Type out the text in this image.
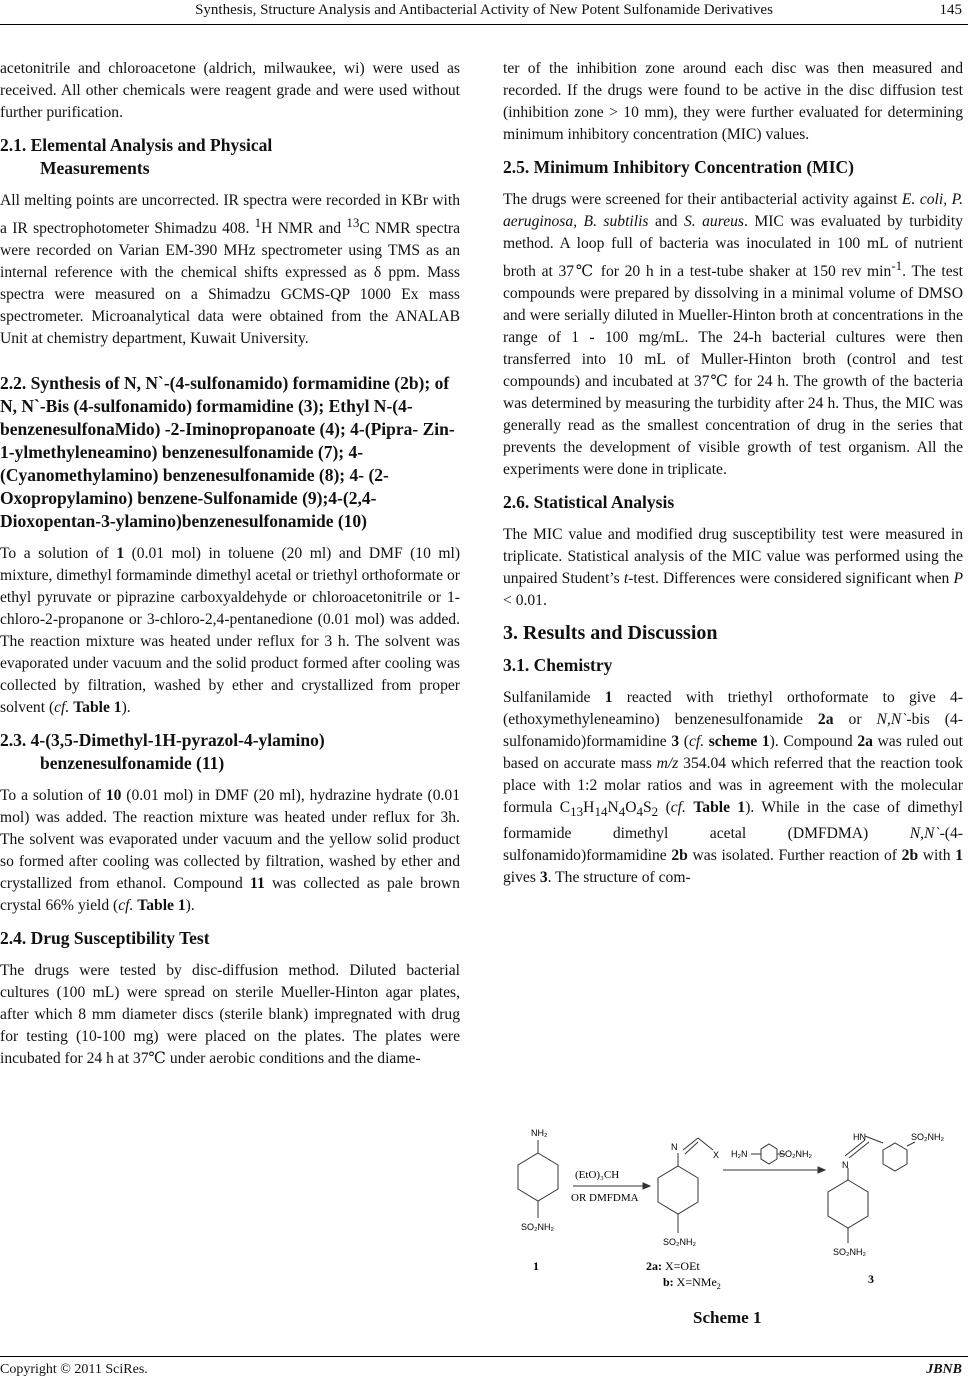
Synthesis, Structure Analysis and Antibacterial Activity of New Potent Sulfonamide Derivatives	145

acetonitrile and chloroacetone (aldrich, milwaukee, wi) were used as received. All other chemicals were reagent grade and were used without further purification.

2.1. Elemental Analysis and Physical
Measurements

All melting points are uncorrected. IR spectra were recorded in KBr with a IR spectrophotometer Shimadzu 408. $^1$H NMR and $^{13}$C NMR spectra were recorded on Varian EM-390 MHz spectrometer using TMS as an internal reference with the chemical shifts expressed as δ ppm. Mass spectra were measured on a Shimadzu GCMS-QP 1000 Ex mass spectrometer. Microanalytical data were obtained from the ANALAB Unit at chemistry department, Kuwait University.

2.2. Synthesis of N, N`-(4-sulfonamido) formamidine (2b); of N, N`-Bis (4-sulfonamido) formamidine (3); Ethyl N-(4-benzenesulfonaMido) -2-Iminopropanoate (4); 4-(Pipra- Zin-1-ylmethyleneamino) benzenesulfonamide (7); 4-(Cyanomethylamino) benzenesulfonamide (8); 4- (2-Oxopropylamino) benzene-Sulfonamide (9);4-(2,4-Dioxopentan-3-ylamino)benzenesulfonamide (10)

To a solution of 1 (0.01 mol) in toluene (20 ml) and DMF (10 ml) mixture, dimethyl formaminde dimethyl acetal or triethyl orthoformate or ethyl pyruvate or piprazine carboxyaldehyde or chloroacetonitrile or 1-chloro-2-propanone or 3-chloro-2,4-pentanedione (0.01 mol) was added. The reaction mixture was heated under reflux for 3 h. The solvent was evaporated under vacuum and the solid product formed after cooling was collected by filtration, washed by ether and crystallized from proper solvent (cf. Table 1).

2.3. 4-(3,5-Dimethyl-1H-pyrazol-4-ylamino)
benzenesulfonamide (11)

To a solution of 10 (0.01 mol) in DMF (20 ml), hydrazine hydrate (0.01 mol) was added. The reaction mixture was heated under reflux for 3h. The solvent was evaporated under vacuum and the yellow solid product so formed after cooling was collected by filtration, washed by ether and crystallized from ethanol. Compound 11 was collected as pale brown crystal 66% yield (cf. Table 1).

2.4. Drug Susceptibility Test

The drugs were tested by disc-diffusion method. Diluted bacterial cultures (100 mL) were spread on sterile Mueller-Hinton agar plates, after which 8 mm diameter discs (sterile blank) impregnated with drug for testing (10-100 mg) were placed on the plates. The plates were incubated for 24 h at 37℃ under aerobic conditions and the diame-

ter of the inhibition zone around each disc was then measured and recorded. If the drugs were found to be active in the disc diffusion test (inhibition zone > 10 mm), they were further evaluated for determining minimum inhibitory concentration (MIC) values.

2.5. Minimum Inhibitory Concentration (MIC)

The drugs were screened for their antibacterial activity against E. coli, P. aeruginosa, B. subtilis and S. aureus. MIC was evaluated by turbidity method. A loop full of bacteria was inoculated in 100 mL of nutrient broth at 37℃ for 20 h in a test-tube shaker at 150 rev $\min^{-1}$. The test compounds were prepared by dissolving in a minimal volume of DMSO and were serially diluted in Mueller-Hinton broth at concentrations in the range of 1 - 100 mg/mL. The 24-h bacterial cultures were then transferred into 10 mL of Muller-Hinton broth (control and test compounds) and incubated at 37℃ for 24 h. The growth of the bacteria was determined by measuring the turbidity after 24 h. Thus, the MIC was generally read as the smallest concentration of drug in the series that prevents the development of visible growth of test organism. All the experiments were done in triplicate.

2.6. Statistical Analysis

The MIC value and modified drug susceptibility test were measured in triplicate. Statistical analysis of the MIC value was performed using the unpaired Student’s t-test. Differences were considered significant when P < 0.01.

3. Results and Discussion
3.1. Chemistry

Sulfanilamide 1 reacted with triethyl orthoformate to give 4-(ethoxymethyleneamino) benzenesulfonamide 2a or N,N`-bis (4-sulfonamido)formamidine 3 (cf. scheme 1). Compound 2a was ruled out based on accurate mass m/z 354.04 which referred that the reaction took place with 1:2 molar ratios and was in agreement with the molecular formula $C_{13}H_{14}N_4O_4S_2$ (cf. Table 1). While in the case of dimethyl formamide dimethyl acetal (DMFDMA)	N,N`-(4-sulfonamido)formamidine 2b was isolated. Further reaction of 2b with 1 gives 3. The structure of com-

NH₂
SO₂NH₂
N
X
SO₂NH₂
H₂N	SO₂NH₂
HN	SO₂NH₂
N
SO₂NH₂
(EtO)₃CH
OR DMFDMA
1	2a: X=OEt
b: X=NMe$_2$
3
Scheme 1
Copyright © 2011 SciRes.	JBNB
